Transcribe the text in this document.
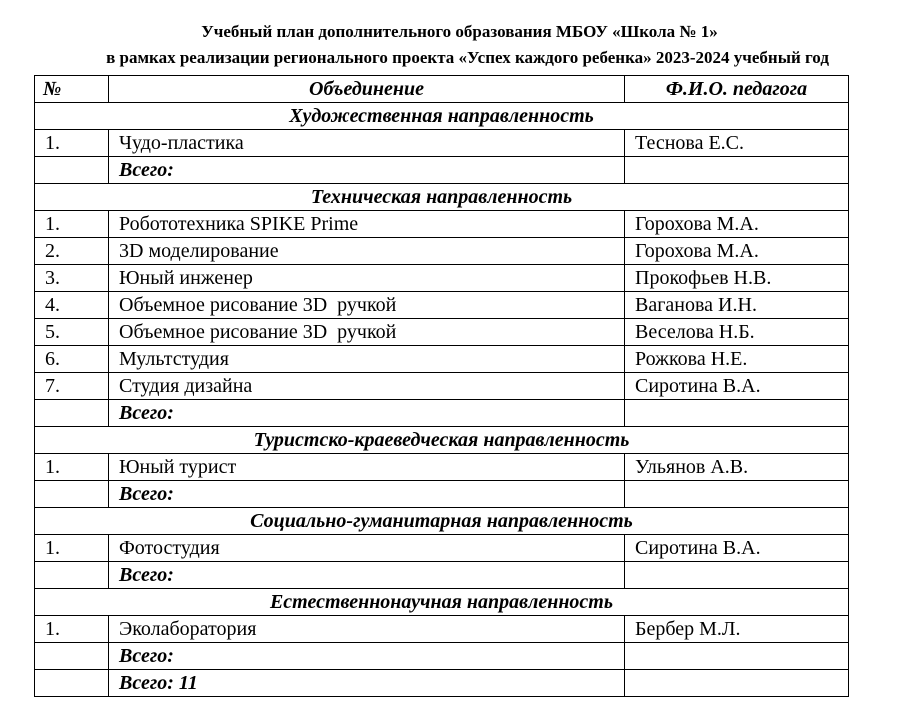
Учебный план дополнительного образования МБОУ «Школа № 1»
в рамках реализации регионального проекта «Успех каждого ребенка» 2023-2024 учебный год
№	Объединение	Ф.И.О. педагога
Художественная направленность		
1.	Чудо-пластика	Теснова Е.С.
	Всего:	
Техническая направленность		
1.	Робототехника SPIKE Prime	Горохова М.А.
2.	3D моделирование	Горохова М.А.
3.	Юный инженер	Прокофьев Н.В.
4.	Объемное рисование 3D  ручкой	Ваганова И.Н.
5.	Объемное рисование 3D  ручкой	Веселова Н.Б.
6.	Мультстудия	Рожкова Н.Е.
7.	Студия дизайна	Сиротина В.А.
	Всего:	
Туристско-краеведческая направленность		
1.	Юный турист	Ульянов А.В.
	Всего:	
Социально-гуманитарная направленность		
1.	Фотостудия	Сиротина В.А.
	Всего:	
Естественнонаучная направленность		
1.	Эколаборатория	Бербер М.Л.
	Всего:	
	Всего: 11	
